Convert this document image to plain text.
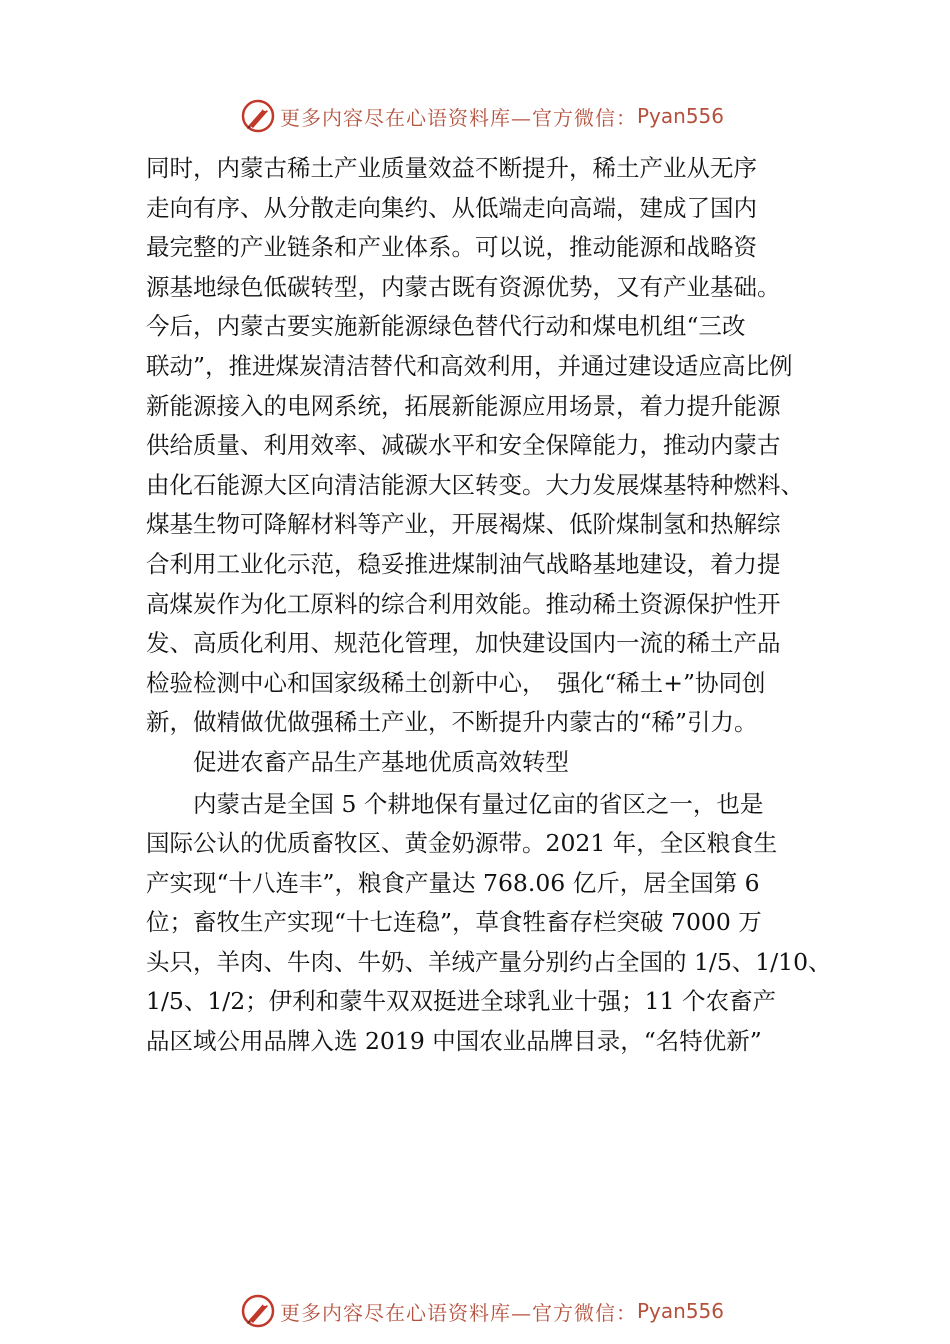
更多内容尽在心语资料库—官方微信： Pyan556
同时，内蒙古稀土产业质量效益不断提升，稀土产业从无序
走向有序、从分散走向集约、从低端走向高端，建成了国内
最完整的产业链条和产业体系。可以说，推动能源和战略资
源基地绿色低碳转型，内蒙古既有资源优势，又有产业基础。
今后，内蒙古要实施新能源绿色替代行动和煤电机组“三改
联动”，推进煤炭清洁替代和高效利用，并通过建设适应高比例
新能源接入的电网系统，拓展新能源应用场景，着力提升能源
供给质量、利用效率、减碳水平和安全保障能力，推动内蒙古
由化石能源大区向清洁能源大区转变。大力发展煤基特种燃料、
煤基生物可降解材料等产业，开展褐煤、低阶煤制氢和热解综
合利用工业化示范，稳妥推进煤制油气战略基地建设，着力提
高煤炭作为化工原料的综合利用效能。推动稀土资源保护性开
发、高质化利用、规范化管理，加快建设国内一流的稀土产品
检验检测中心和国家级稀土创新中心，　强化“稀土+”协同创
新，做精做优做强稀土产业，不断提升内蒙古的“稀”引力。
　　促进农畜产品生产基地优质高效转型
　　内蒙古是全国 5 个耕地保有量过亿亩的省区之一，也是
国际公认的优质畜牧区、黄金奶源带。2021 年，全区粮食生
产实现“十八连丰”，粮食产量达 768.06 亿斤，居全国第 6
位；畜牧生产实现“十七连稳”，草食牲畜存栏突破 7000 万
头只，羊肉、牛肉、牛奶、羊绒产量分别约占全国的 1/5、1/10、
1/5、1/2；伊利和蒙牛双双挺进全球乳业十强；11 个农畜产
品区域公用品牌入选 2019 中国农业品牌目录，“名特优新”
更多内容尽在心语资料库—官方微信： Pyan556
